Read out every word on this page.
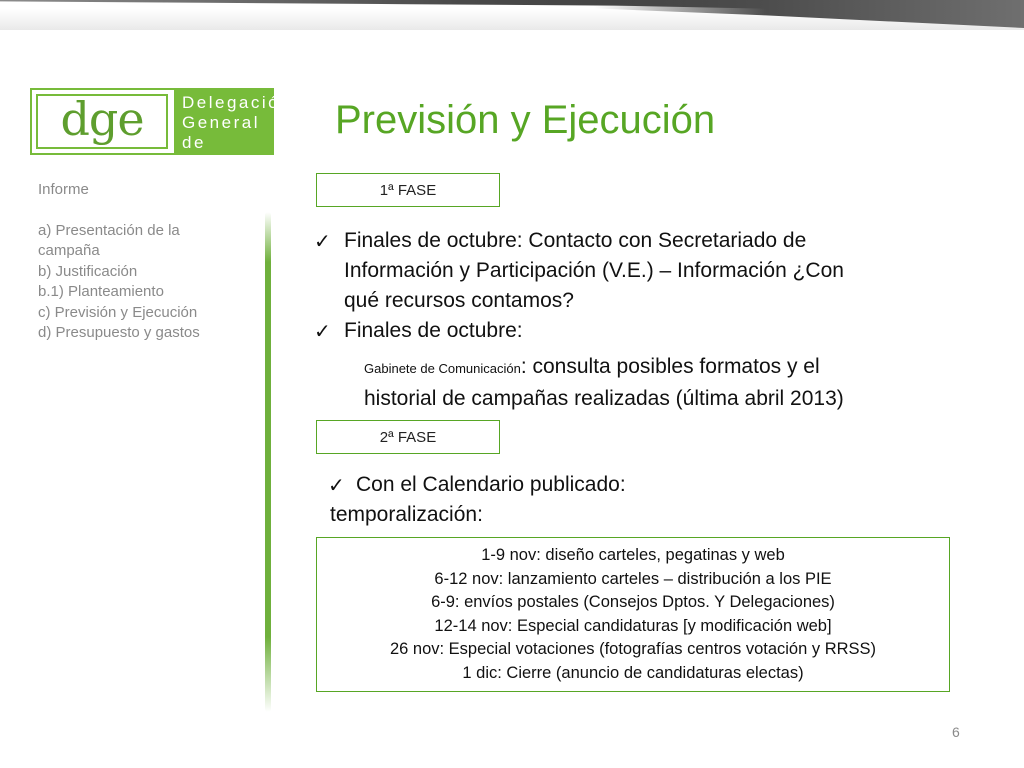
dge Delegación
General de
Estudiantes
Previsión y Ejecución
Informe
a) Presentación de la
campaña
b) Justificación
b.1) Planteamiento
c) Previsión y Ejecución
d) Presupuesto y gastos
1ª FASE
✓ Finales de octubre: Contacto con Secretariado de
Información y Participación (V.E.) – Información ¿Con
qué recursos contamos?
✓ Finales de octubre:
Gabinete de Comunicación: consulta posibles formatos y el
historial de campañas realizadas (última abril 2013)
2ª FASE
✓ Con el Calendario publicado:
temporalización:
1-9 nov: diseño carteles, pegatinas y web
6-12 nov: lanzamiento carteles – distribución a los PIE
6-9: envíos postales (Consejos Dptos. Y Delegaciones)
12-14 nov: Especial candidaturas [y modificación web]
26 nov: Especial votaciones (fotografías centros votación y RRSS)
1 dic: Cierre (anuncio de candidaturas electas)
6
